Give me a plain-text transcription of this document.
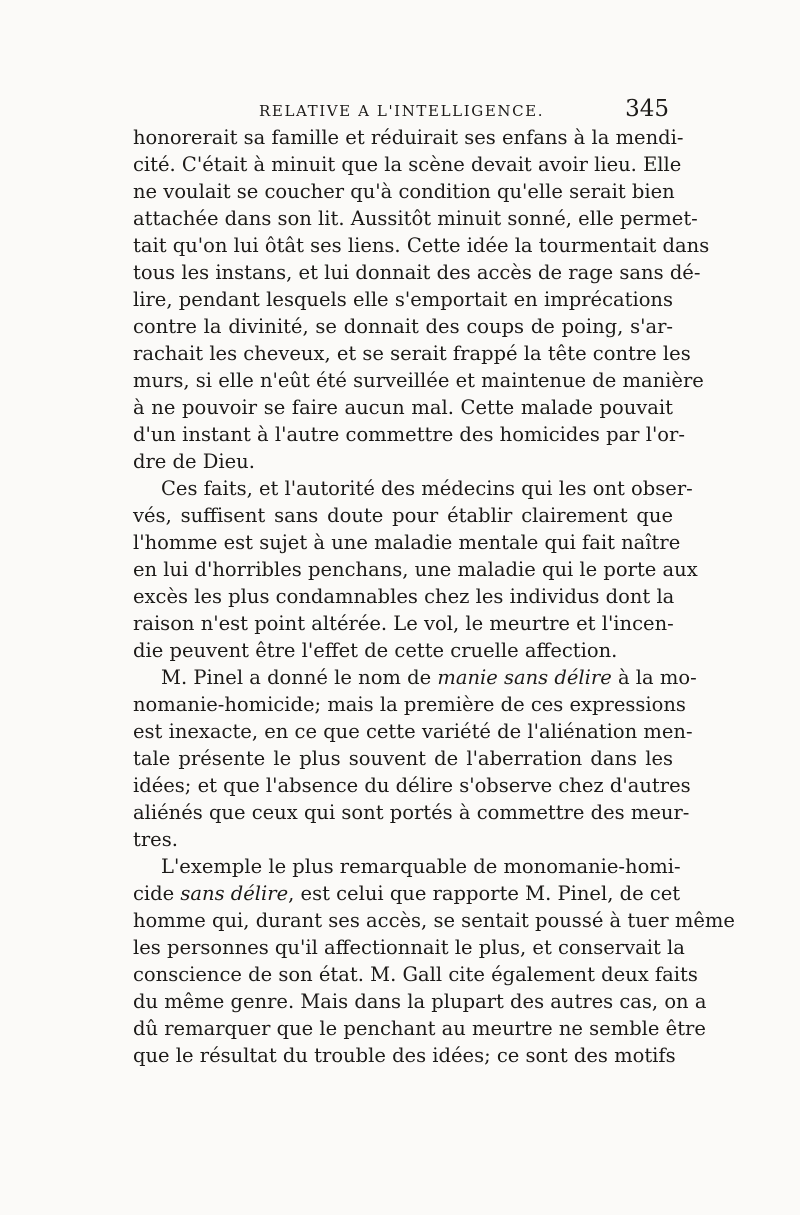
RELATIVE A L'INTELLIGENCE.	345
honorerait sa famille et réduirait ses enfans à la mendi-
cité. C'était à minuit que la scène devait avoir lieu. Elle
ne voulait se coucher qu'à condition qu'elle serait bien
attachée dans son lit. Aussitôt minuit sonné, elle permet-
tait qu'on lui ôtât ses liens. Cette idée la tourmentait dans
tous les instans, et lui donnait des accès de rage sans dé-
lire, pendant lesquels elle s'emportait en imprécations
contre la divinité, se donnait des coups de poing, s'ar-
rachait les cheveux, et se serait frappé la tête contre les
murs, si elle n'eût été surveillée et maintenue de manière
à ne pouvoir se faire aucun mal. Cette malade pouvait
d'un instant à l'autre commettre des homicides par l'or-
dre de Dieu.
Ces faits, et l'autorité des médecins qui les ont obser-
vés, suffisent sans doute pour établir clairement que
l'homme est sujet à une maladie mentale qui fait naître
en lui d'horribles penchans, une maladie qui le porte aux
excès les plus condamnables chez les individus dont la
raison n'est point altérée. Le vol, le meurtre et l'incen-
die peuvent être l'effet de cette cruelle affection.
M. Pinel a donné le nom de manie sans délire à la mo-
nomanie-homicide; mais la première de ces expressions
est inexacte, en ce que cette variété de l'aliénation men-
tale présente le plus souvent de l'aberration dans les
idées; et que l'absence du délire s'observe chez d'autres
aliénés que ceux qui sont portés à commettre des meur-
tres.
L'exemple le plus remarquable de monomanie-homi-
cide sans délire, est celui que rapporte M. Pinel, de cet
homme qui, durant ses accès, se sentait poussé à tuer même
les personnes qu'il affectionnait le plus, et conservait la
conscience de son état. M. Gall cite également deux faits
du même genre. Mais dans la plupart des autres cas, on a
dû remarquer que le penchant au meurtre ne semble être
que le résultat du trouble des idées; ce sont des motifs
